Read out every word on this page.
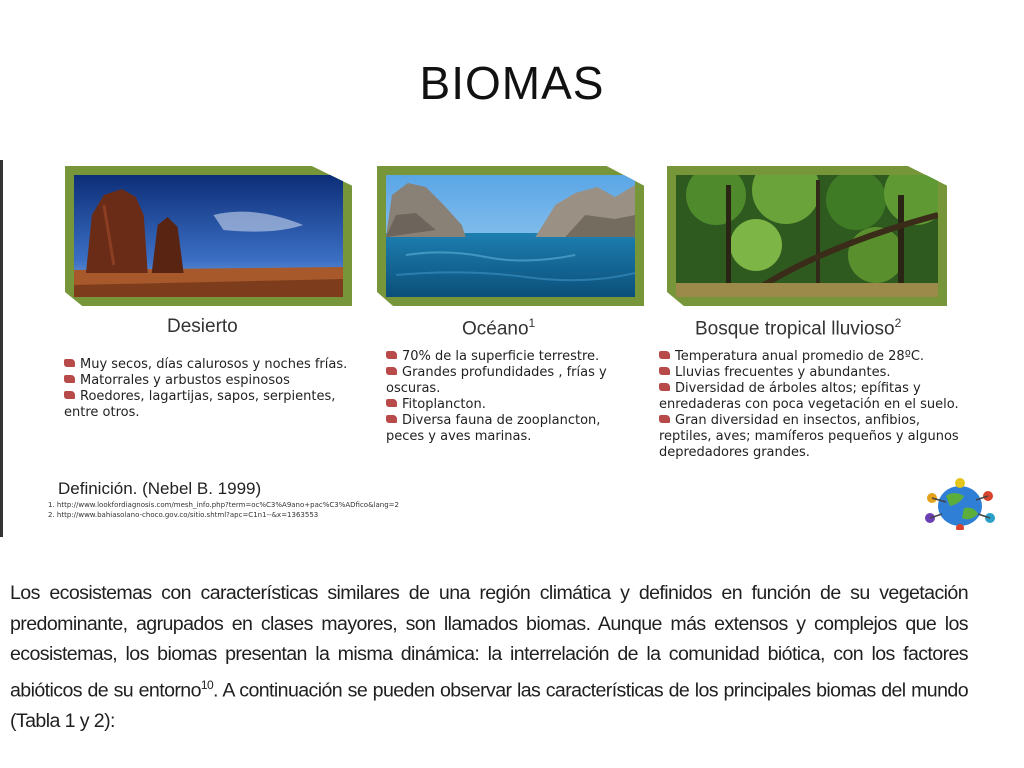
BIOMAS
Desierto	Océano$^1$	Bosque tropical lluvioso$^2$
Muy secos, días calurosos y noches frías.
Matorrales y arbustos espinosos
Roedores, lagartijas, sapos, serpientes, entre otros.
70% de la superficie terrestre.
Grandes profundidades , frías y oscuras.
Fitoplancton.
Diversa fauna de zooplancton, peces y aves marinas.
Temperatura anual promedio de 28ºC.
Lluvias frecuentes y abundantes.
Diversidad de árboles altos; epífitas y enredaderas con poca vegetación en el suelo.
Gran diversidad en insectos, anfibios, reptiles, aves; mamíferos pequeños y algunos depredadores grandes.
Definición. (Nebel B. 1999)
1. http://www.lookfordiagnosis.com/mesh_info.php?term=oc%C3%A9ano+pac%C3%ADfico&lang=2
2. http://www.bahiasolano-choco.gov.co/sitio.shtml?apc=C1n1--&x=1363553

Los ecosistemas con características similares de una región climática y definidos en función de su vegetación predominante, agrupados en clases mayores, son llamados biomas. Aunque más extensos y complejos que los ecosistemas, los biomas presentan la misma dinámica: la interrelación de la comunidad biótica, con los factores abióticos de su entorno$^{10}$. A continuación se pueden observar las características de los principales biomas del mundo (Tabla 1 y 2):
